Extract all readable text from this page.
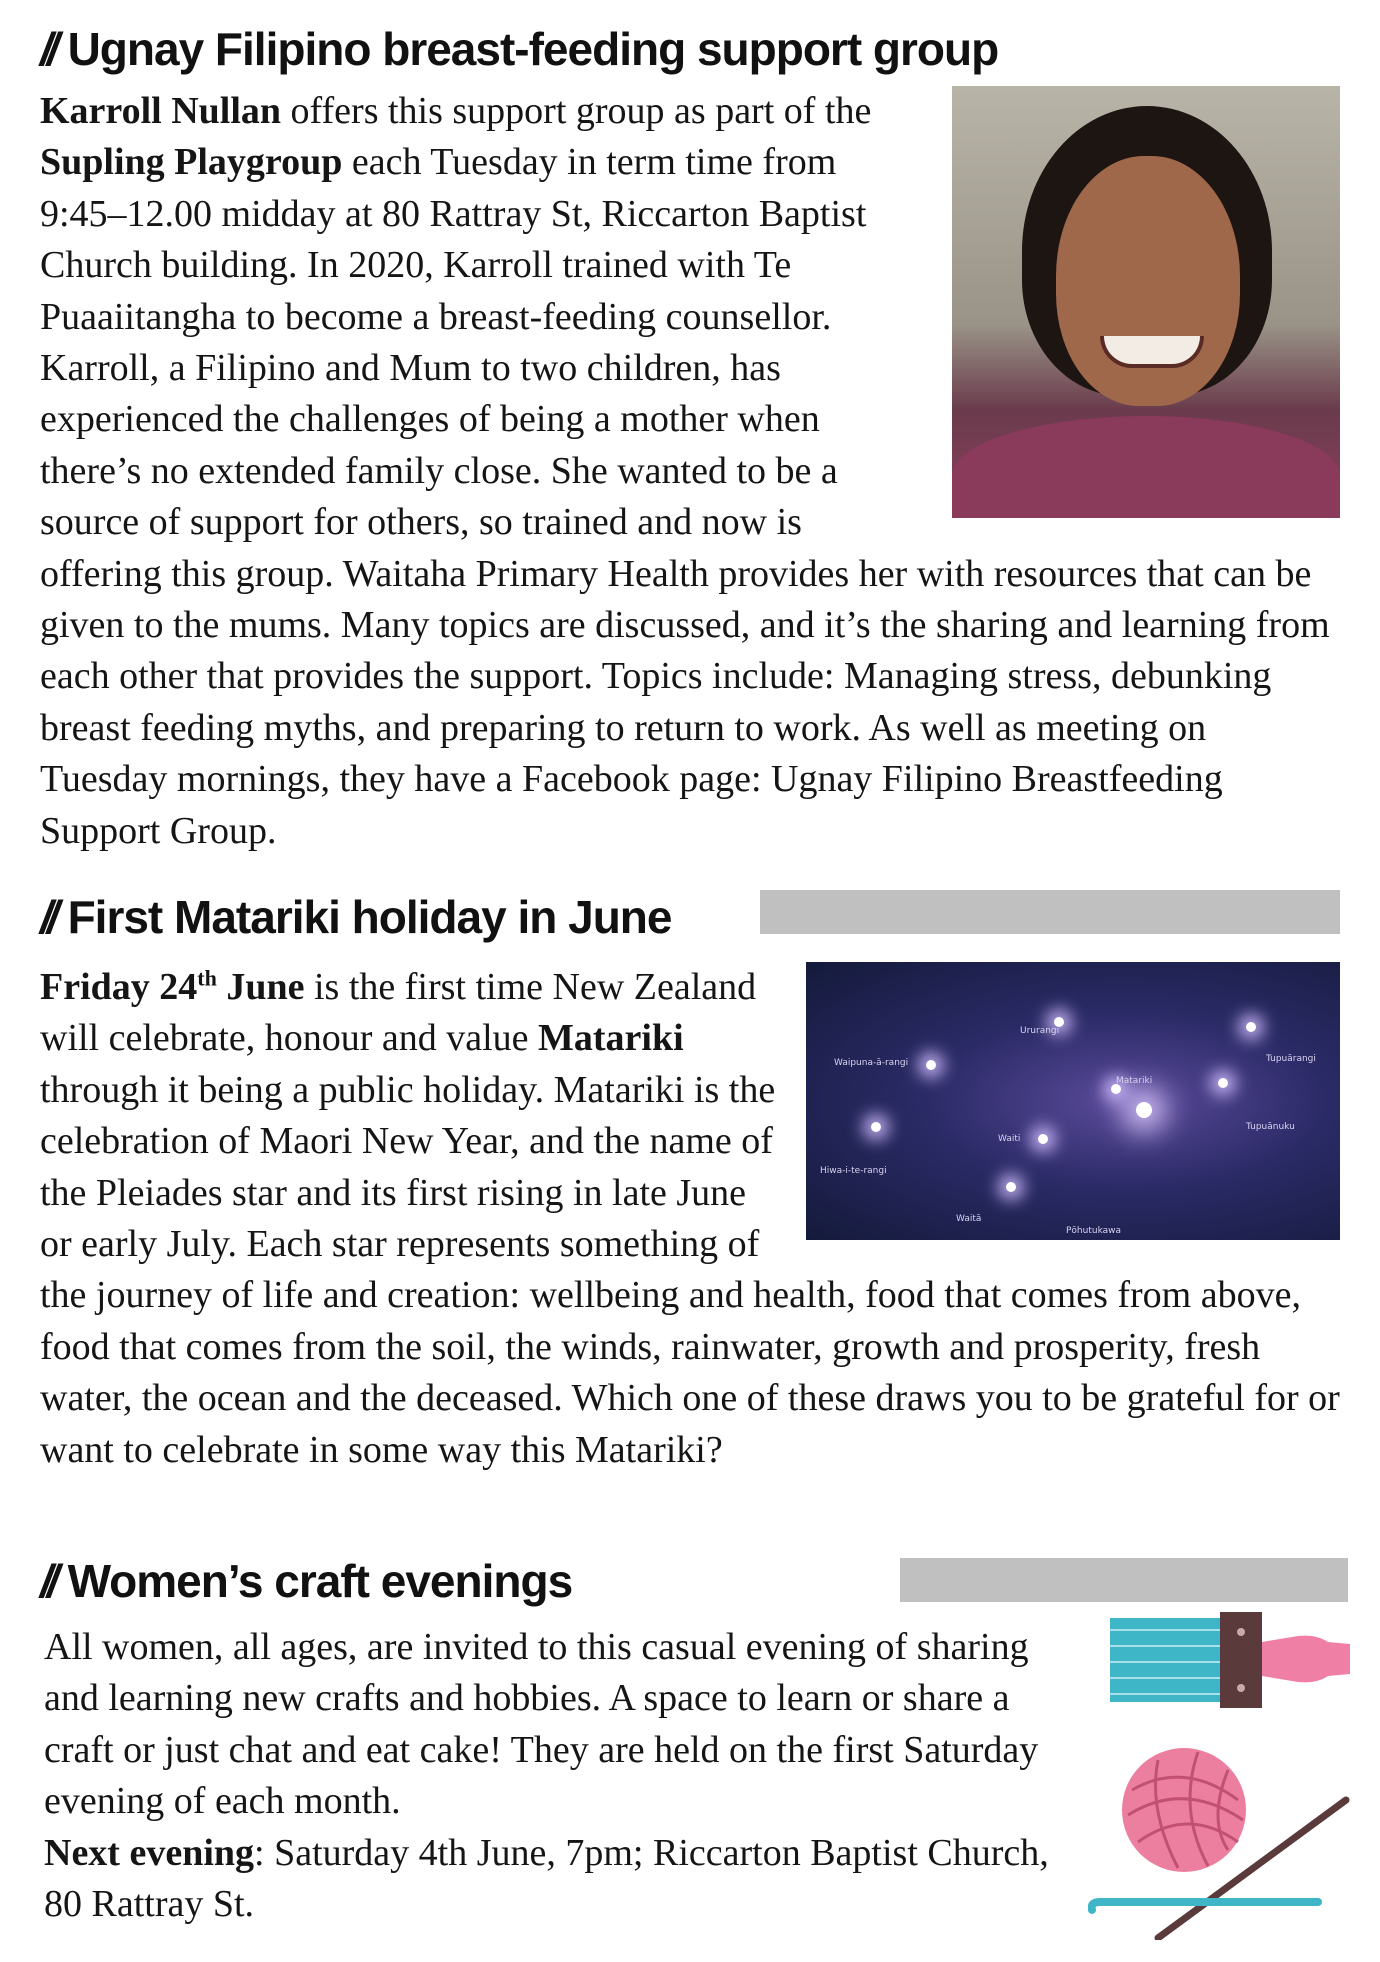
// Ugnay Filipino breast-feeding support group
Karroll Nullan offers this support group as part of the Supling Playgroup each Tuesday in term time from 9:45–12.00 midday at 80 Rattray St, Riccarton Baptist Church building. In 2020, Karroll trained with Te Puaaiitangha to become a breast-feeding counsellor. Karroll, a Filipino and Mum to two children, has experienced the challenges of being a mother when there’s no extended family close. She wanted to be a source of support for others, so trained and now is offering this group. Waitaha Primary Health provides her with resources that can be given to the mums. Many topics are discussed, and it’s the sharing and learning from each other that provides the support. Topics include: Managing stress, debunking breast feeding myths, and preparing to return to work. As well as meeting on Tuesday mornings, they have a Facebook page: Ugnay Filipino Breastfeeding Support Group.
// First Matariki holiday in June
Waipuna-ā-rangi
Ururangi
Tupuārangi
Matariki
Tupuānuku
Waiti
Hiwa-i-te-rangi
Waitā
Pōhutukawa
Friday 24th June is the first time New Zealand will celebrate, honour and value Matariki through it being a public holiday. Matariki is the celebration of Maori New Year, and the name of the Pleiades star and its first rising in late June or early July. Each star represents something of the journey of life and creation: wellbeing and health, food that comes from above, food that comes from the soil, the winds, rainwater, growth and prosperity, fresh water, the ocean and the deceased. Which one of these draws you to be grateful for or want to celebrate in some way this Matariki?
// Women’s craft evenings
All women, all ages, are invited to this casual evening of sharing and learning new crafts and hobbies. A space to learn or share a craft or just chat and eat cake! They are held on the first Saturday evening of each month.
Next evening: Saturday 4th June, 7pm; Riccarton Baptist Church, 80 Rattray St.
